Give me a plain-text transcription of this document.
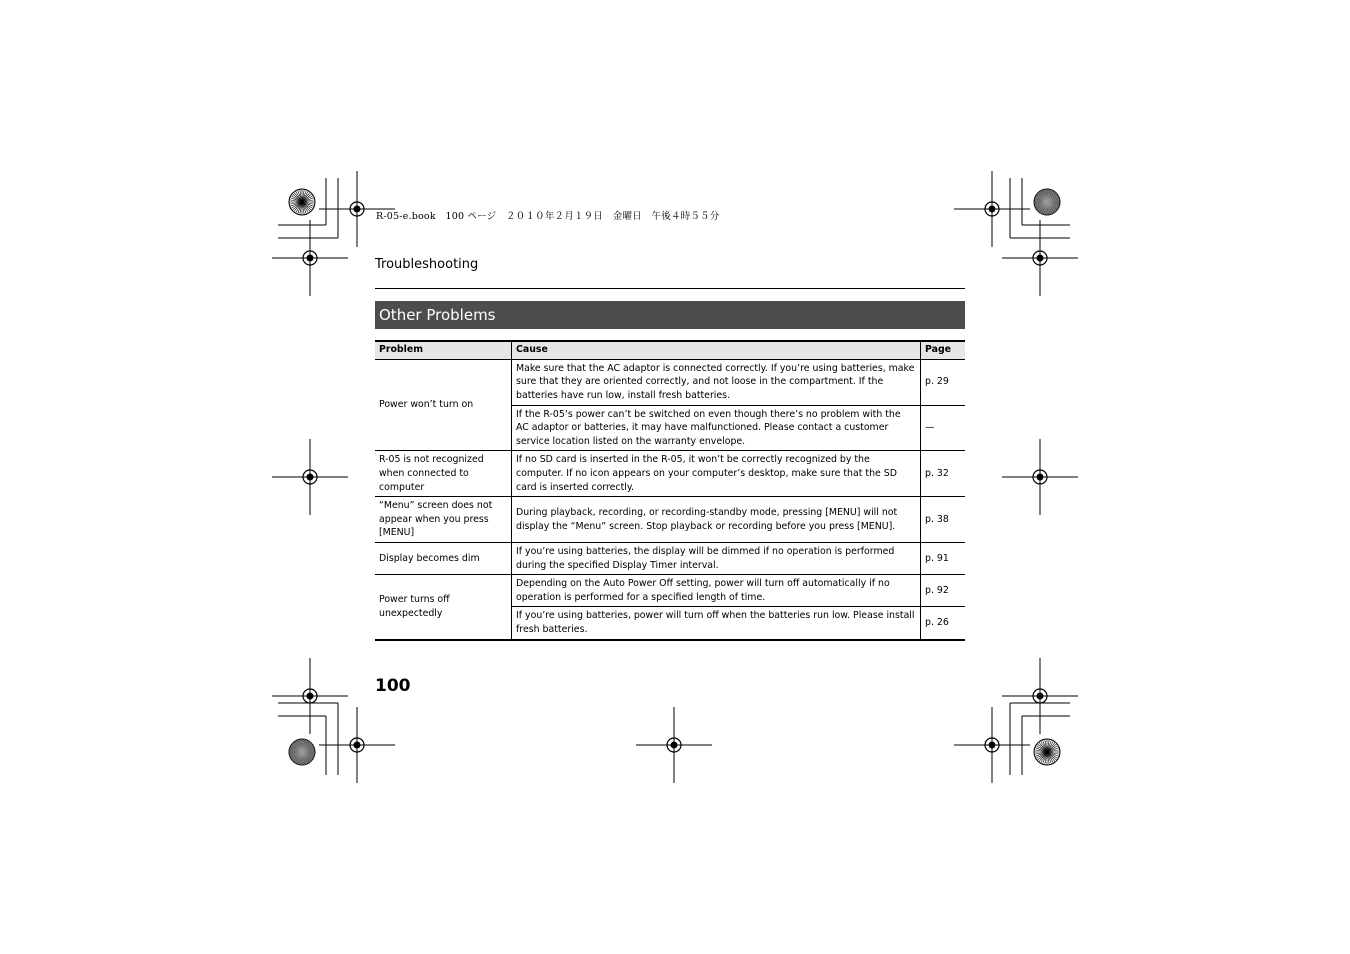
R-05-e.book　100 ページ　２０１０年２月１９日　金曜日　午後４時５５分
Troubleshooting
Other Problems
Problem	Cause	Page
Power won’t turn on	Make sure that the AC adaptor is connected correctly. If you’re using batteries, make sure that they are oriented correctly, and not loose in the compartment. If the batteries have run low, install fresh batteries.	p. 29
	If the R-05’s power can’t be switched on even though there’s no problem with the AC adaptor or batteries, it may have malfunctioned. Please contact a customer service location listed on the warranty envelope.	—
R-05 is not recognized when connected to computer	If no SD card is inserted in the R-05, it won’t be correctly recognized by the computer. If no icon appears on your computer’s desktop, make sure that the SD card is inserted correctly.	p. 32
“Menu” screen does not appear when you press [MENU]	During playback, recording, or recording-standby mode, pressing [MENU] will not display the “Menu” screen. Stop playback or recording before you press [MENU].	p. 38
Display becomes dim	If you’re using batteries, the display will be dimmed if no operation is performed during the specified Display Timer interval.	p. 91
Power turns off unexpectedly	Depending on the Auto Power Off setting, power will turn off automatically if no operation is performed for a specified length of time.	p. 92
	If you’re using batteries, power will turn off when the batteries run low. Please install fresh batteries.	p. 26
100
